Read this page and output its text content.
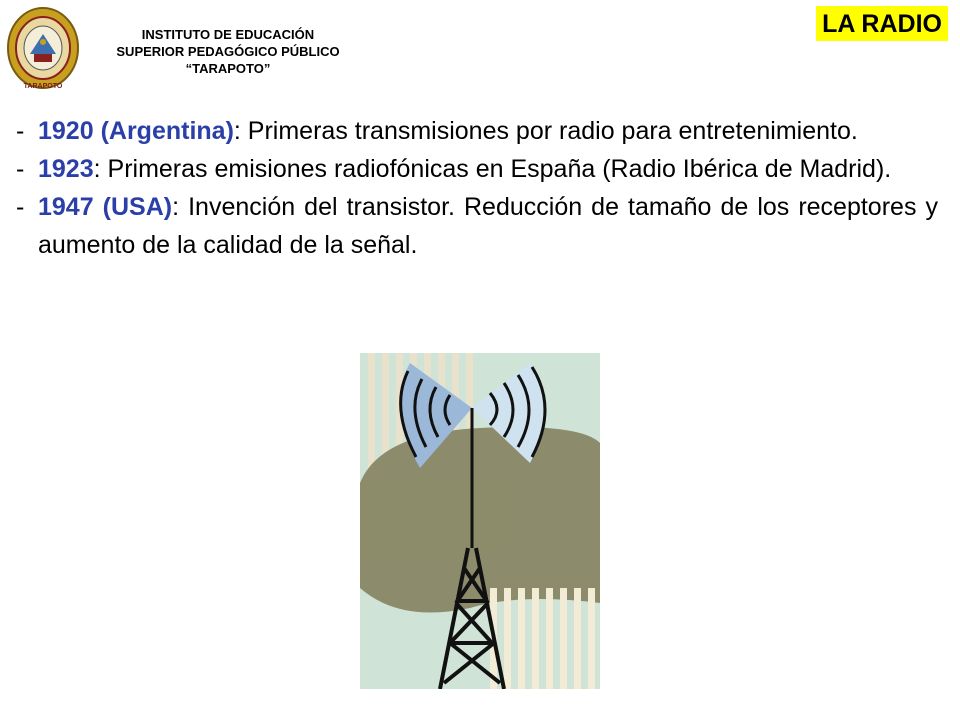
TARAPOTO
INSTITUTO DE EDUCACIÓN
SUPERIOR PEDAGÓGICO PÚBLICO
“TARAPOTO”
LA RADIO
- 1920 (Argentina): Primeras transmisiones por radio para entretenimiento.
- 1923: Primeras emisiones radiofónicas en España (Radio Ibérica de Madrid).
- 1947 (USA): Invención del transistor. Reducción de tamaño de los receptores y aumento de la calidad de la señal.
